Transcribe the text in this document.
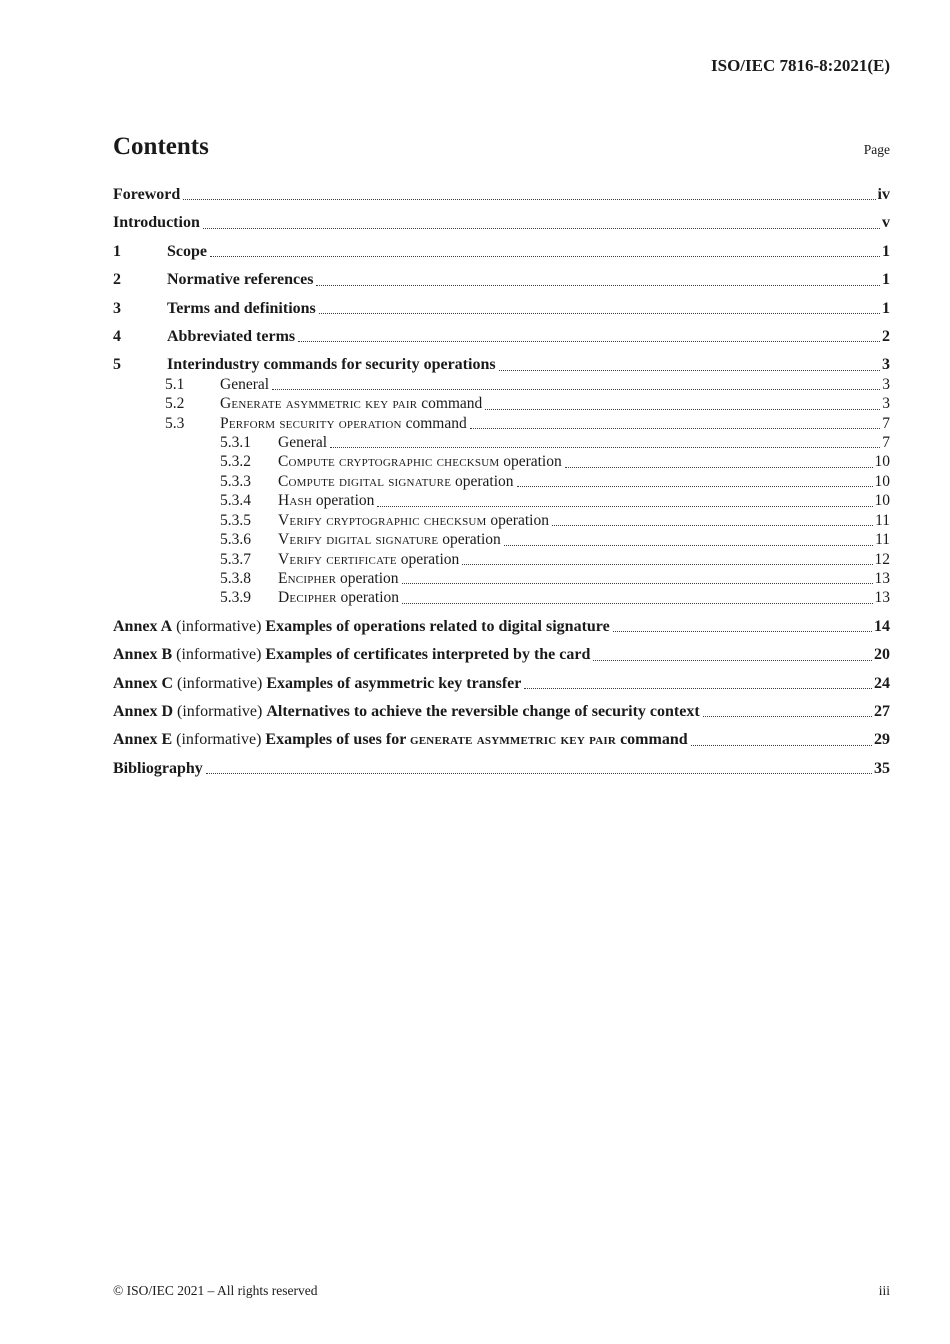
ISO/IEC 7816-8:2021(E)
Contents	Page
Foreword	iv
Introduction	v
1	Scope	1
2	Normative references	1
3	Terms and definitions	1
4	Abbreviated terms	2
5	Interindustry commands for security operations	3
5.1	General	3
5.2	Generate asymmetric key pair command	3
5.3	Perform security operation command	7
5.3.1	General	7
5.3.2	Compute cryptographic checksum operation	10
5.3.3	Compute digital signature operation	10
5.3.4	Hash operation	10
5.3.5	Verify cryptographic checksum operation	11
5.3.6	Verify digital signature operation	11
5.3.7	Verify certificate operation	12
5.3.8	Encipher operation	13
5.3.9	Decipher operation	13
Annex A (informative) Examples of operations related to digital signature	14
Annex B (informative) Examples of certificates interpreted by the card	20
Annex C (informative) Examples of asymmetric key transfer	24
Annex D (informative) Alternatives to achieve the reversible change of security context	27
Annex E (informative) Examples of uses for generate asymmetric key pair command	29
Bibliography	35
© ISO/IEC 2021 – All rights reserved	iii
